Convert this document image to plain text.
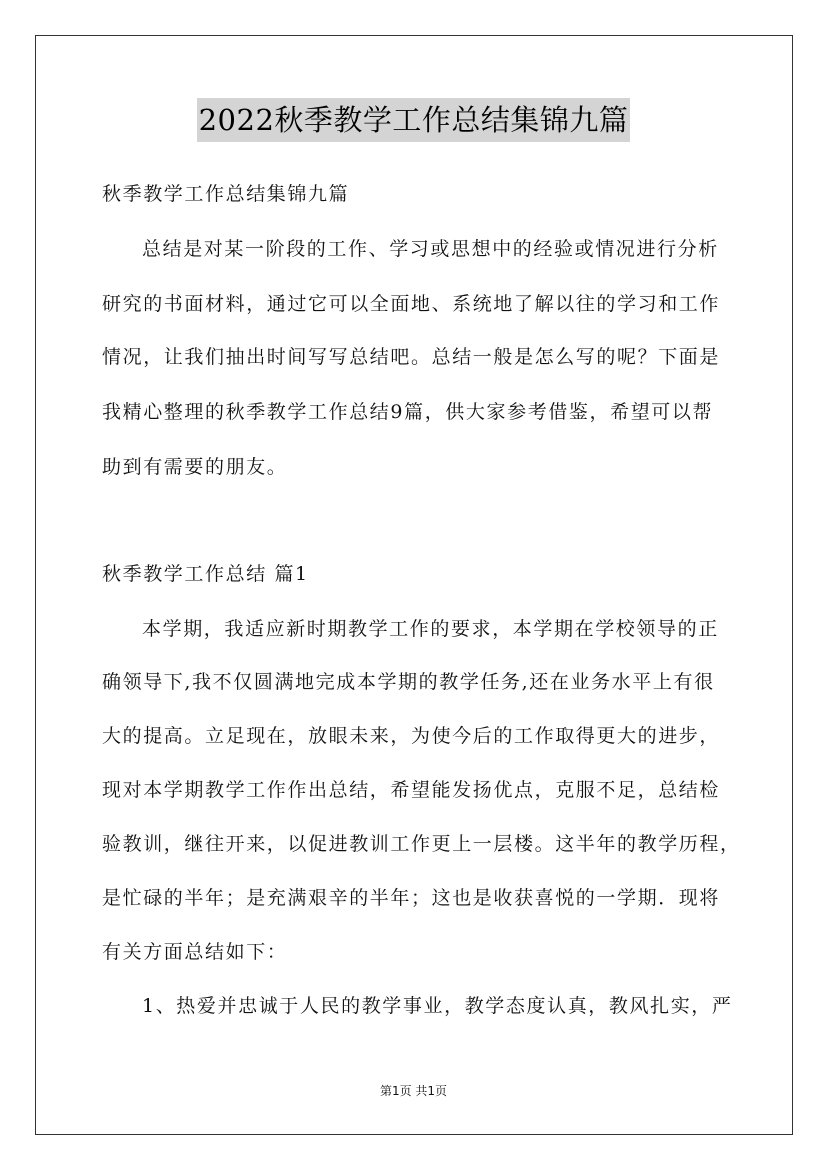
2022秋季教学工作总结集锦九篇
秋季教学工作总结集锦九篇
总结是对某一阶段的工作、学习或思想中的经验或情况进行分析
研究的书面材料，通过它可以全面地、系统地了解以往的学习和工作
情况，让我们抽出时间写写总结吧。总结一般是怎么写的呢？下面是
我精心整理的秋季教学工作总结9篇，供大家参考借鉴，希望可以帮
助到有需要的朋友。
秋季教学工作总结 篇1
本学期，我适应新时期教学工作的要求，本学期在学校领导的正
确领导下,我不仅圆满地完成本学期的教学任务,还在业务水平上有很
大的提高。立足现在，放眼未来，为使今后的工作取得更大的进步，
现对本学期教学工作作出总结，希望能发扬优点，克服不足，总结检
验教训，继往开来，以促进教训工作更上一层楼。这半年的教学历程，
是忙碌的半年；是充满艰辛的半年；这也是收获喜悦的一学期．现将
有关方面总结如下：
1、热爱并忠诚于人民的教学事业，教学态度认真，教风扎实，严
第1页 共1页
